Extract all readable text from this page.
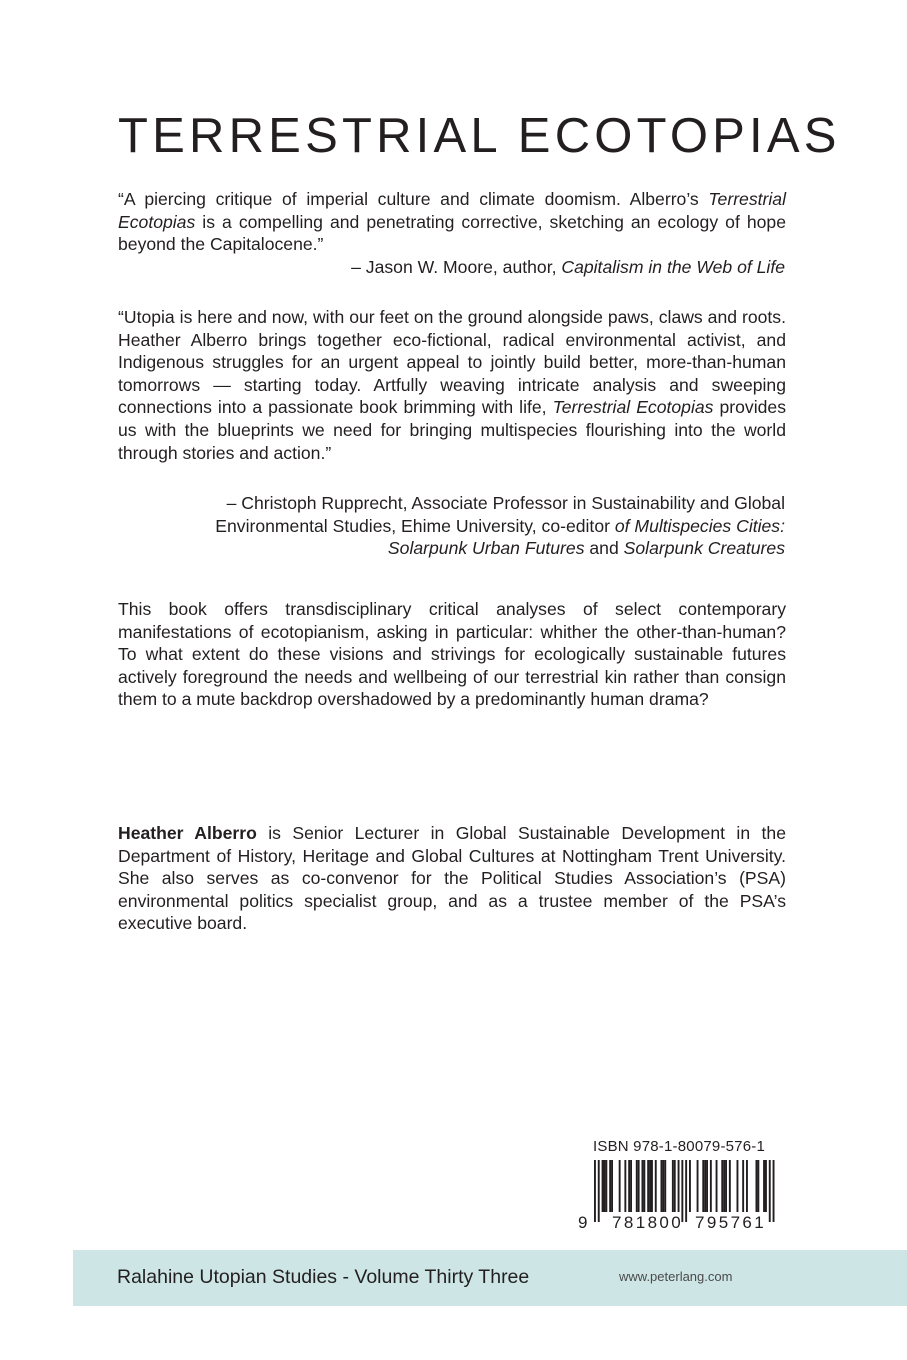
TERRESTRIAL ECOTOPIAS

“A piercing critique of imperial culture and climate doomism. Alberro’s Terrestrial Ecotopias is a compelling and penetrating corrective, sketching an ecology of hope beyond the Capitalocene.”

– Jason W. Moore, author, Capitalism in the Web of Life

“Utopia is here and now, with our feet on the ground alongside paws, claws and roots. Heather Alberro brings together eco-fictional, radical environmental activist, and Indigenous struggles for an urgent appeal to jointly build better, more-than-human tomorrows — starting today. Artfully weaving intricate analysis and sweeping connections into a passionate book brimming with life, Terrestrial Ecotopias provides us with the blueprints we need for bringing multispecies flourishing into the world through stories and action.”

– Christoph Rupprecht, Associate Professor in Sustainability and Global
Environmental Studies, Ehime University, co-editor of Multispecies Cities:
Solarpunk Urban Futures and Solarpunk Creatures

This book offers transdisciplinary critical analyses of select contemporary manifestations of ecotopianism, asking in particular: whither the other-than-human? To what extent do these visions and strivings for ecologically sustainable futures actively foreground the needs and wellbeing of our terrestrial kin rather than consign them to a mute backdrop overshadowed by a predominantly human drama?

Heather Alberro is Senior Lecturer in Global Sustainable Development in the Department of History, Heritage and Global Cultures at Nottingham Trent University. She also serves as co-convenor for the Political Studies Association’s (PSA) environmental politics specialist group, and as a trustee member of the PSA’s executive board.

ISBN 978-1-80079-576-1
9 781800 795761
Ralahine Utopian Studies - Volume Thirty Three	www.peterlang.com
